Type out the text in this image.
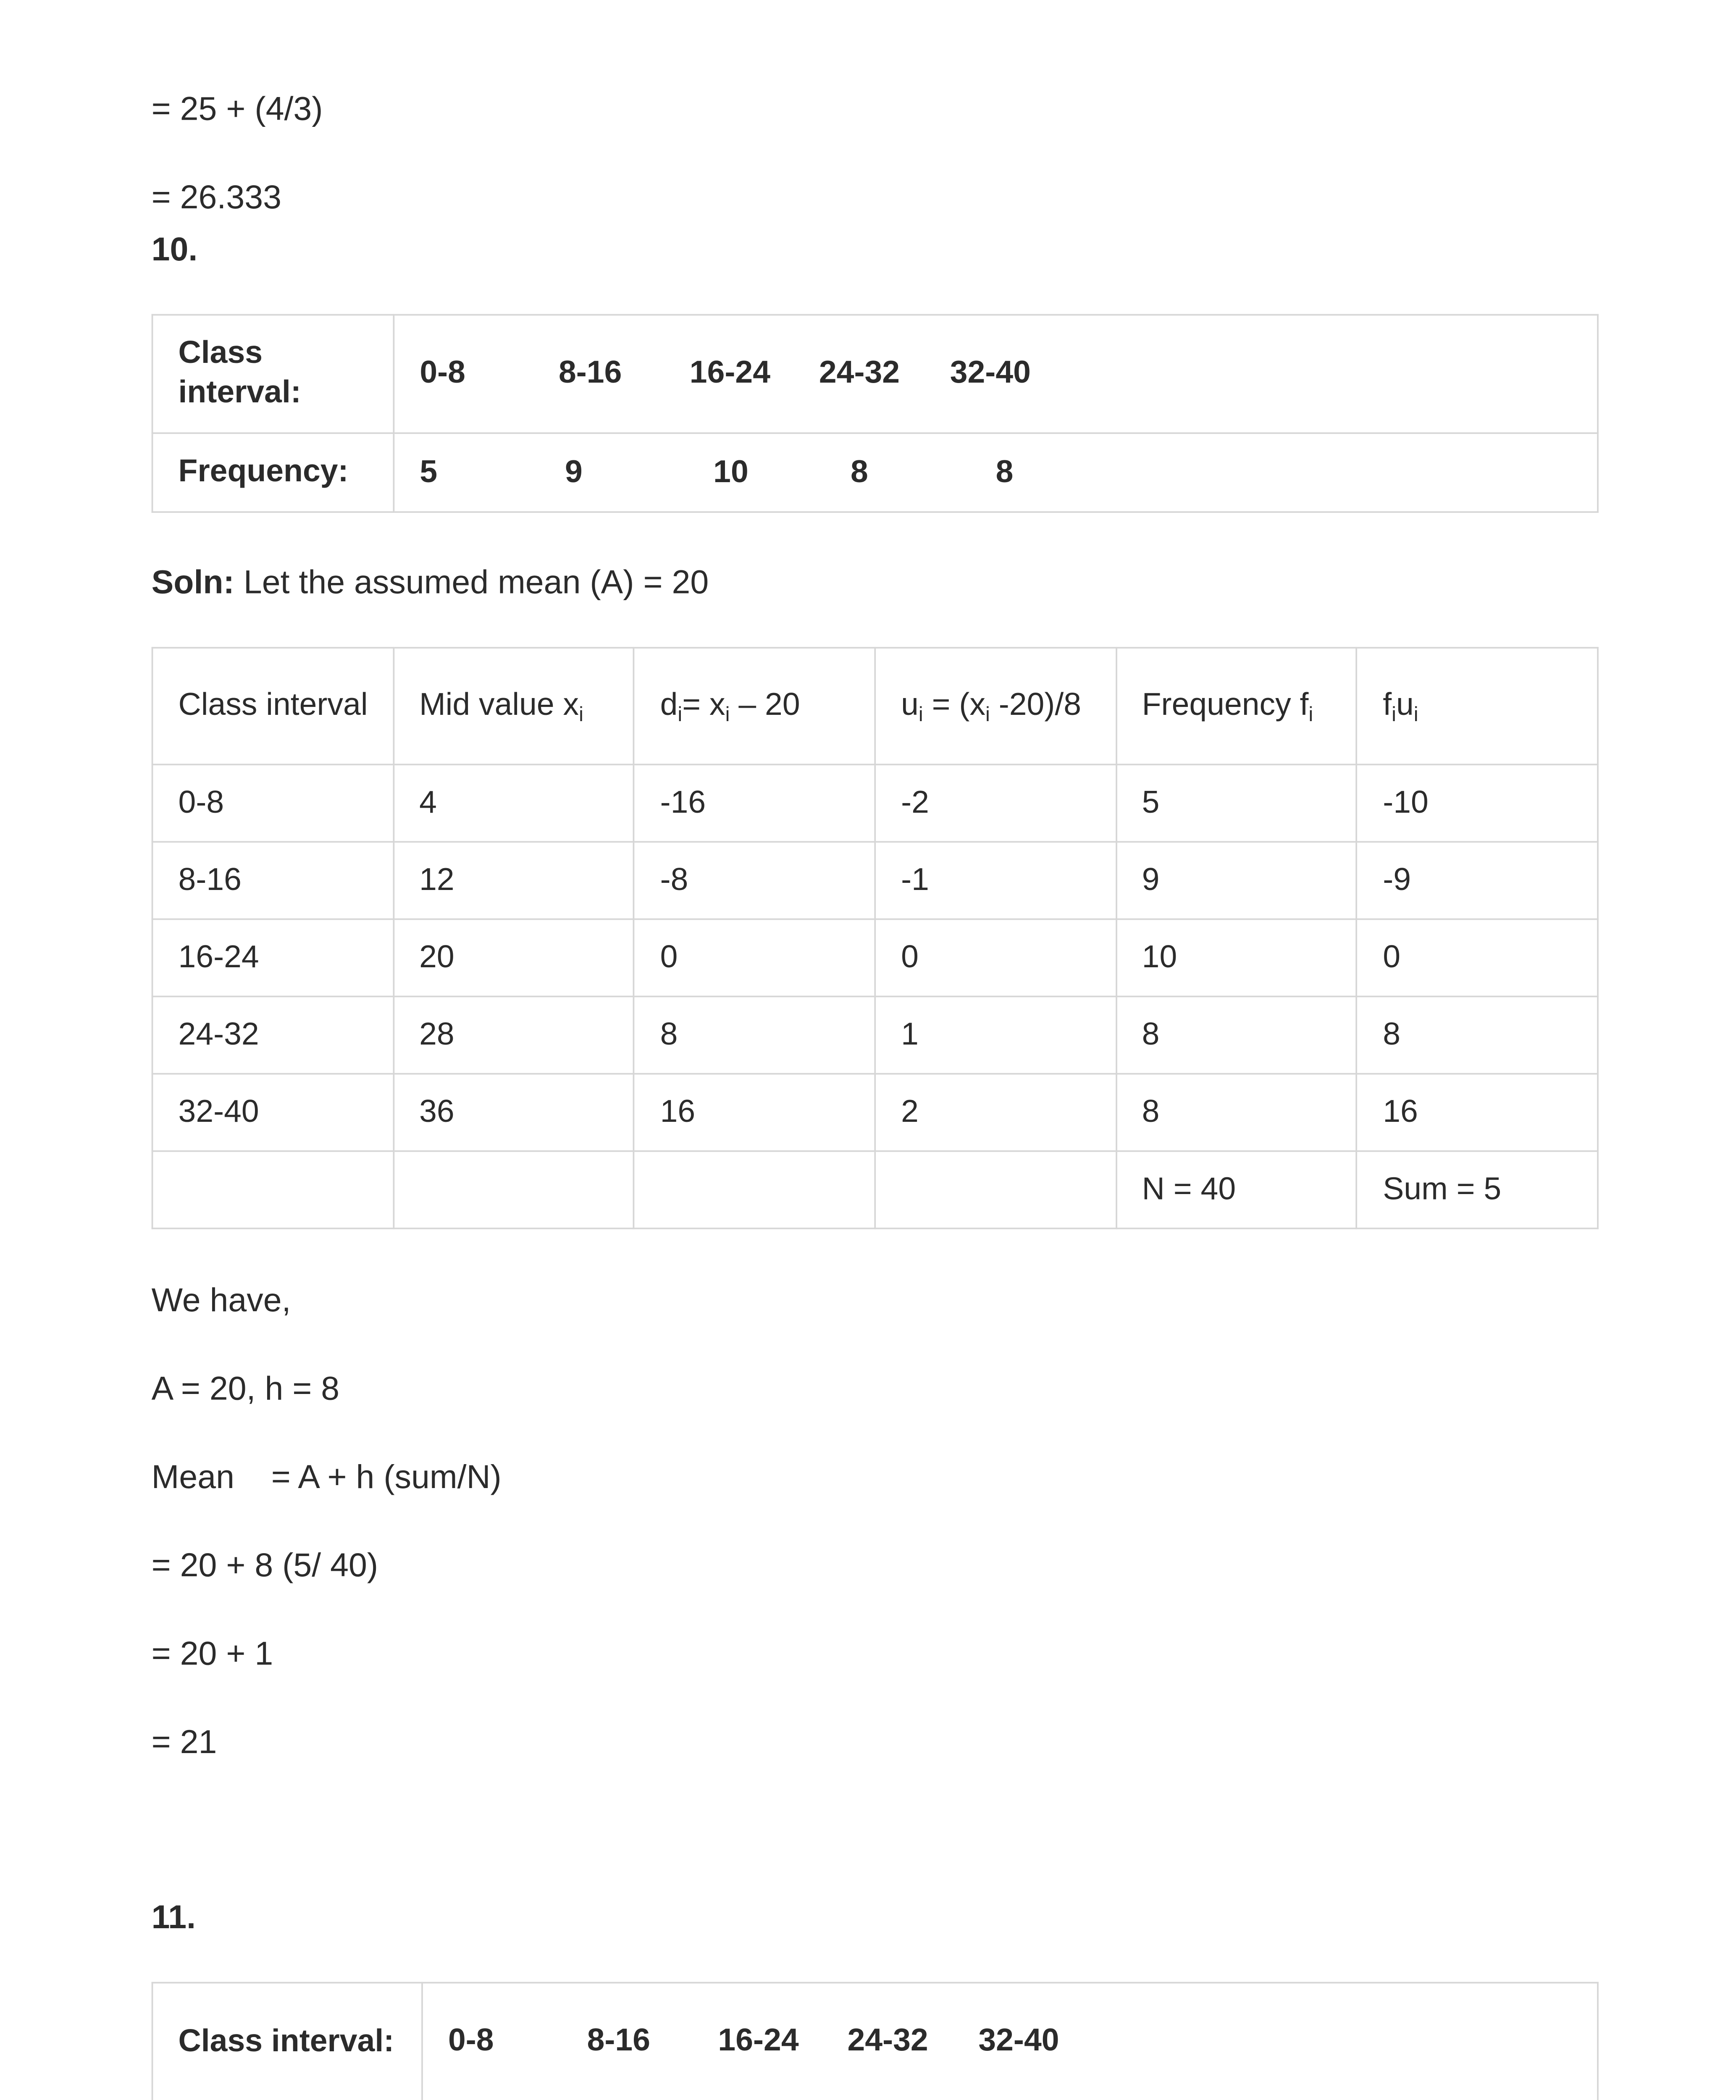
= 25 + (4/3)
= 26.333
10.
Class interval:	0-8 8-16 16-24 24-32 32-40

Frequency:	5 9 10 8 8
Soln: Let the assumed mean (A) = 20
Class interval	Mid value $x_i$	$d_i= x_i - 20$	$u_i = (x_i$ -20)/8	Frequency $f_i$	$f_iu_i$
0-8	4	-16	-2	5	-10
8-16	12	-8	-1	9	-9
16-24	20	0	0	10	0
24-32	28	8	1	8	8
32-40	36	16	2	8	16
				N = 40	Sum = 5
We have,
A = 20, h = 8
Mean    = A + h (sum/N)
= 20 + 8 (5/ 40)
= 20 + 1
= 21
11.
Class interval:	0-8 8-16 16-24 24-32 32-40
